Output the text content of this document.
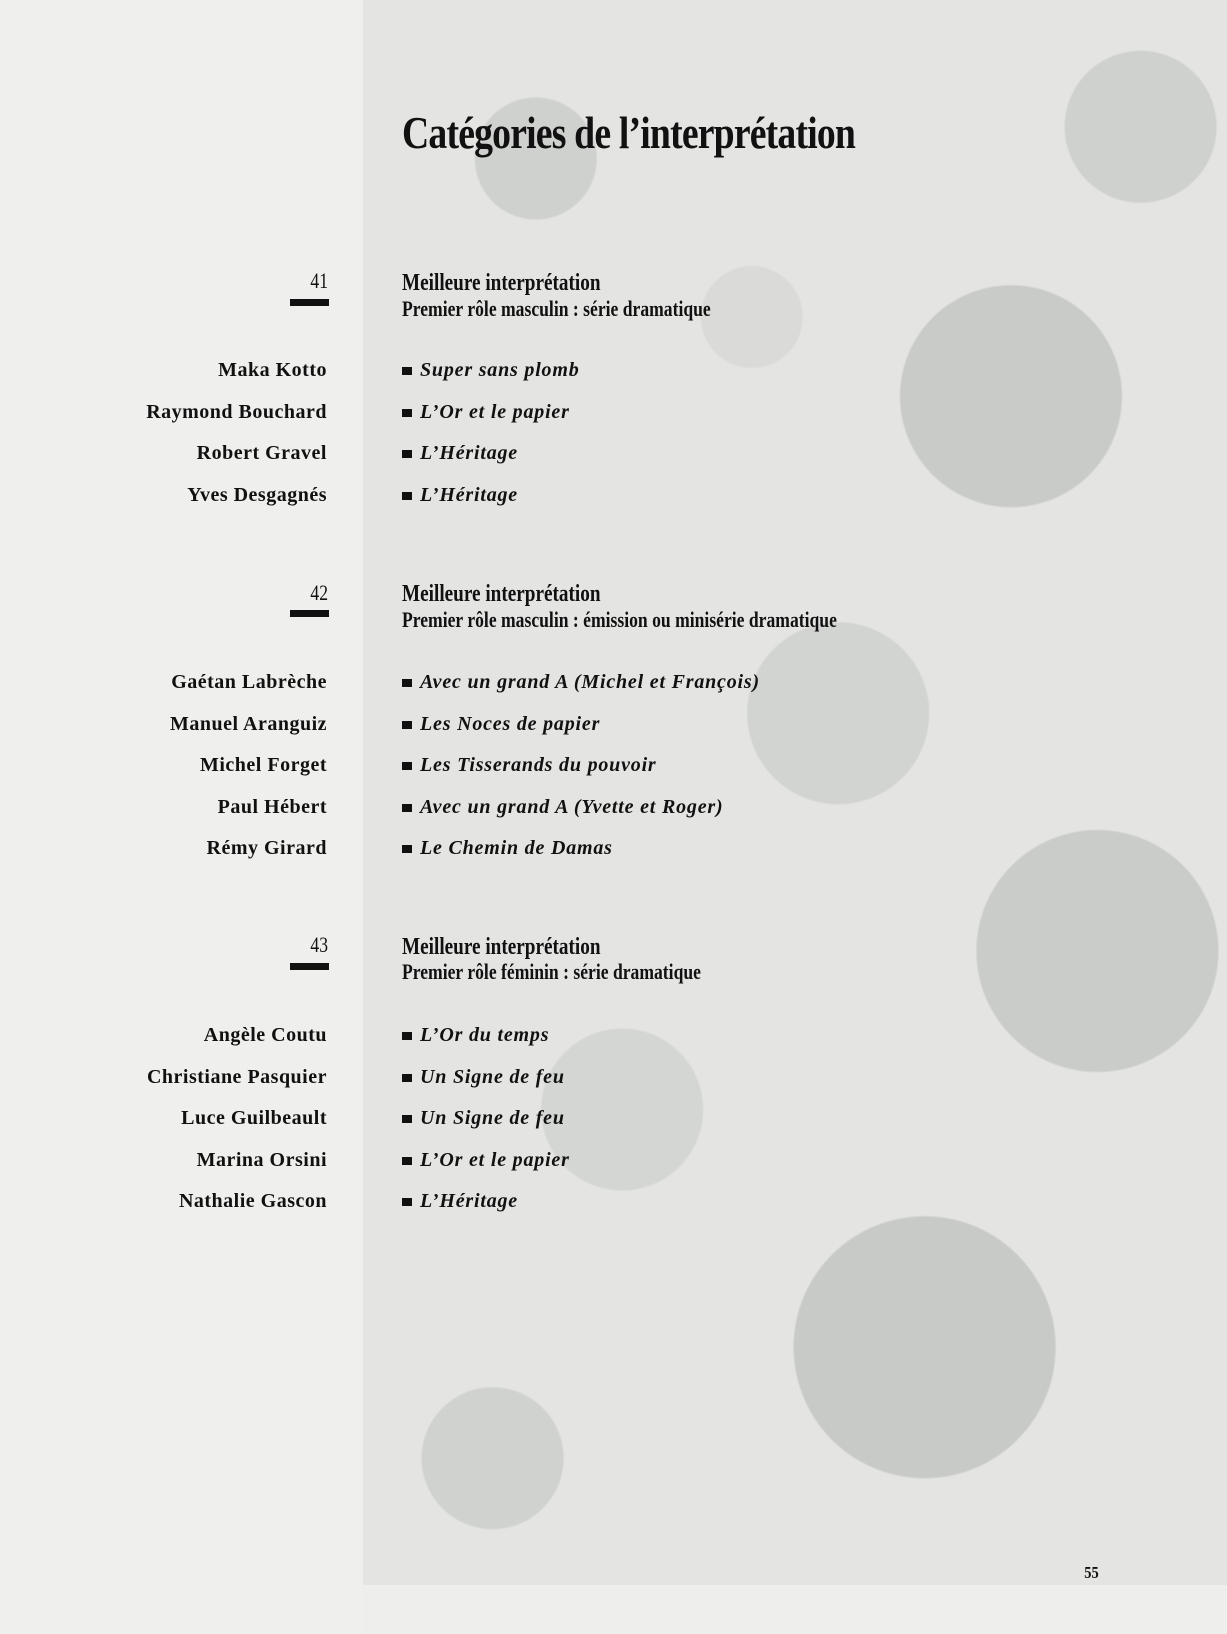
Catégories de l’interprétation
41	Meilleure interprétation
Premier rôle masculin : série dramatique
Maka Kotto	Super sans plomb
Raymond Bouchard	L’Or et le papier
Robert Gravel	L’Héritage
Yves Desgagnés	L’Héritage
42	Meilleure interprétation
Premier rôle masculin : émission ou minisérie dramatique
Gaétan Labrèche	Avec un grand A (Michel et François)
Manuel Aranguiz	Les Noces de papier
Michel Forget	Les Tisserands du pouvoir
Paul Hébert	Avec un grand A (Yvette et Roger)
Rémy Girard	Le Chemin de Damas
43	Meilleure interprétation
Premier rôle féminin : série dramatique
Angèle Coutu	L’Or du temps
Christiane Pasquier	Un Signe de feu
Luce Guilbeault	Un Signe de feu
Marina Orsini	L’Or et le papier
Nathalie Gascon	L’Héritage
55
